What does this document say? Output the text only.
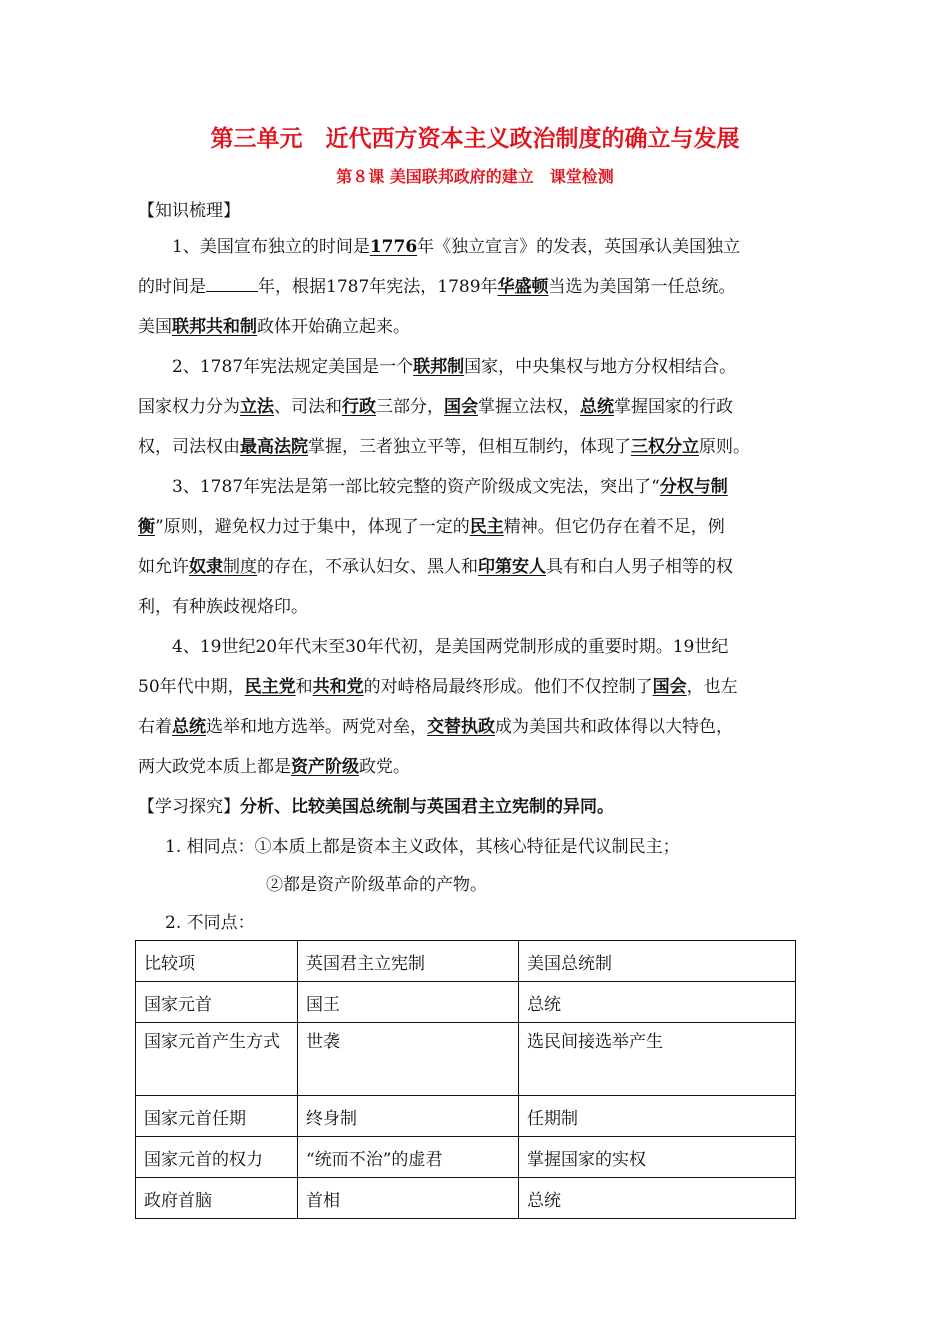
第三单元　近代西方资本主义政治制度的确立与发展
第８课 美国联邦政府的建立　课堂检测
【知识梳理】
1、美国宣布独立的时间是1776年《独立宣言》的发表，英国承认美国独立
的时间是	年，根据1787年宪法，1789年华盛顿当选为美国第一任总统。
美国联邦共和制政体开始确立起来。
2、1787年宪法规定美国是一个联邦制国家，中央集权与地方分权相结合。
国家权力分为立法、司法和行政三部分，国会掌握立法权，总统掌握国家的行政
权，司法权由最高法院掌握，三者独立平等，但相互制约，体现了三权分立原则。
3、1787年宪法是第一部比较完整的资产阶级成文宪法，突出了“分权与制
衡”原则，避免权力过于集中，体现了一定的民主精神。但它仍存在着不足，例
如允许奴隶制度的存在，不承认妇女、黑人和印第安人具有和白人男子相等的权
利，有种族歧视烙印。
4、19世纪20年代末至30年代初，是美国两党制形成的重要时期。19世纪
50年代中期，民主党和共和党的对峙格局最终形成。他们不仅控制了国会，也左
右着总统选举和地方选举。两党对垒，交替执政成为美国共和政体得以大特色，
两大政党本质上都是资产阶级政党。
【学习探究】分析、比较美国总统制与英国君主立宪制的异同。
1. 相同点：①本质上都是资本主义政体，其核心特征是代议制民主；
②都是资产阶级革命的产物。
2. 不同点：
比较项	英国君主立宪制	美国总统制
国家元首	国王	总统
国家元首产生方式	世袭	选民间接选举产生
国家元首任期	终身制	任期制
国家元首的权力	“统而不治”的虚君	掌握国家的实权
政府首脑	首相	总统
